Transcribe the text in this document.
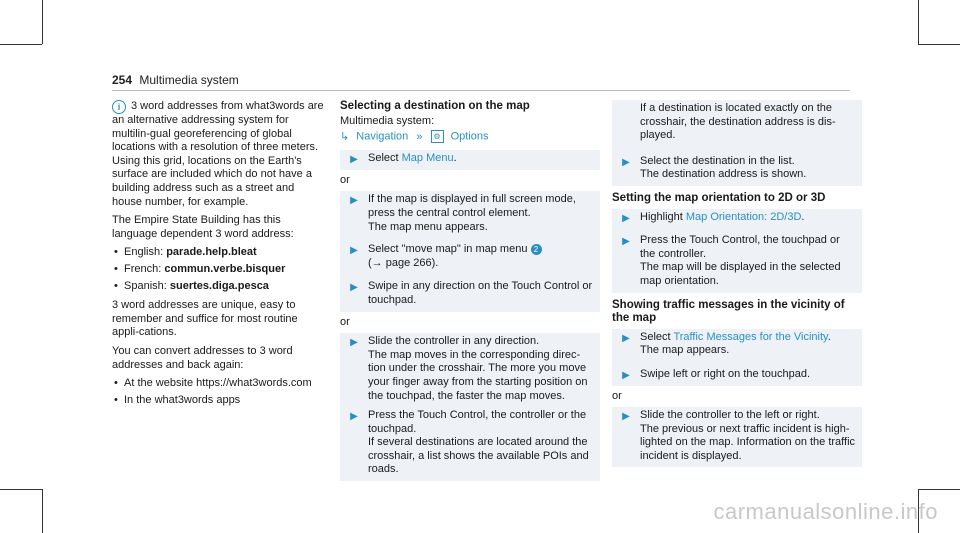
254 Multimedia system

i 3 word addresses from what3words are an alternative addressing system for multilin-gual georeferencing of global locations with a resolution of three meters. Using this grid, locations on the Earth's surface are included which do not have a building address such as a street and house number, for example.

The Empire State Building has this language dependent 3 word address:

• English: parade.help.bleat
• French: commun.verbe.bisquer
• Spanish: suertes.diga.pesca

3 word addresses are unique, easy to remember and suffice for most routine appli-cations.

You can convert addresses to 3 word addresses and back again:

• At the website https://what3words.com
• In the what3words apps

Selecting a destination on the map

Multimedia system:

↳ Navigation » ⚙ Options

▶ Select Map Menu.
or
▶ If the map is displayed in full screen mode, press the central control element.
The map menu appears.
▶ Select "move map" in map menu 2
(→ page 266).
▶ Swipe in any direction on the Touch Control or touchpad.
or
▶ Slide the controller in any direction.
The map moves in the corresponding direc-tion under the crosshair. The more you move your finger away from the starting position on the touchpad, the faster the map moves.
▶ Press the Touch Control, the controller or the touchpad.
If several destinations are located around the crosshair, a list shows the available POIs and roads.
If a destination is located exactly on the crosshair, the destination address is dis-played.
▶ Select the destination in the list.
The destination address is shown.

Setting the map orientation to 2D or 3D

▶ Highlight Map Orientation: 2D/3D.
▶ Press the Touch Control, the touchpad or the controller.
The map will be displayed in the selected map orientation.

Showing traffic messages in the vicinity of the map

▶ Select Traffic Messages for the Vicinity.
The map appears.
▶ Swipe left or right on the touchpad.
or
▶ Slide the controller to the left or right.
The previous or next traffic incident is high-lighted on the map. Information on the traffic incident is displayed.
carmanualsonline.info
